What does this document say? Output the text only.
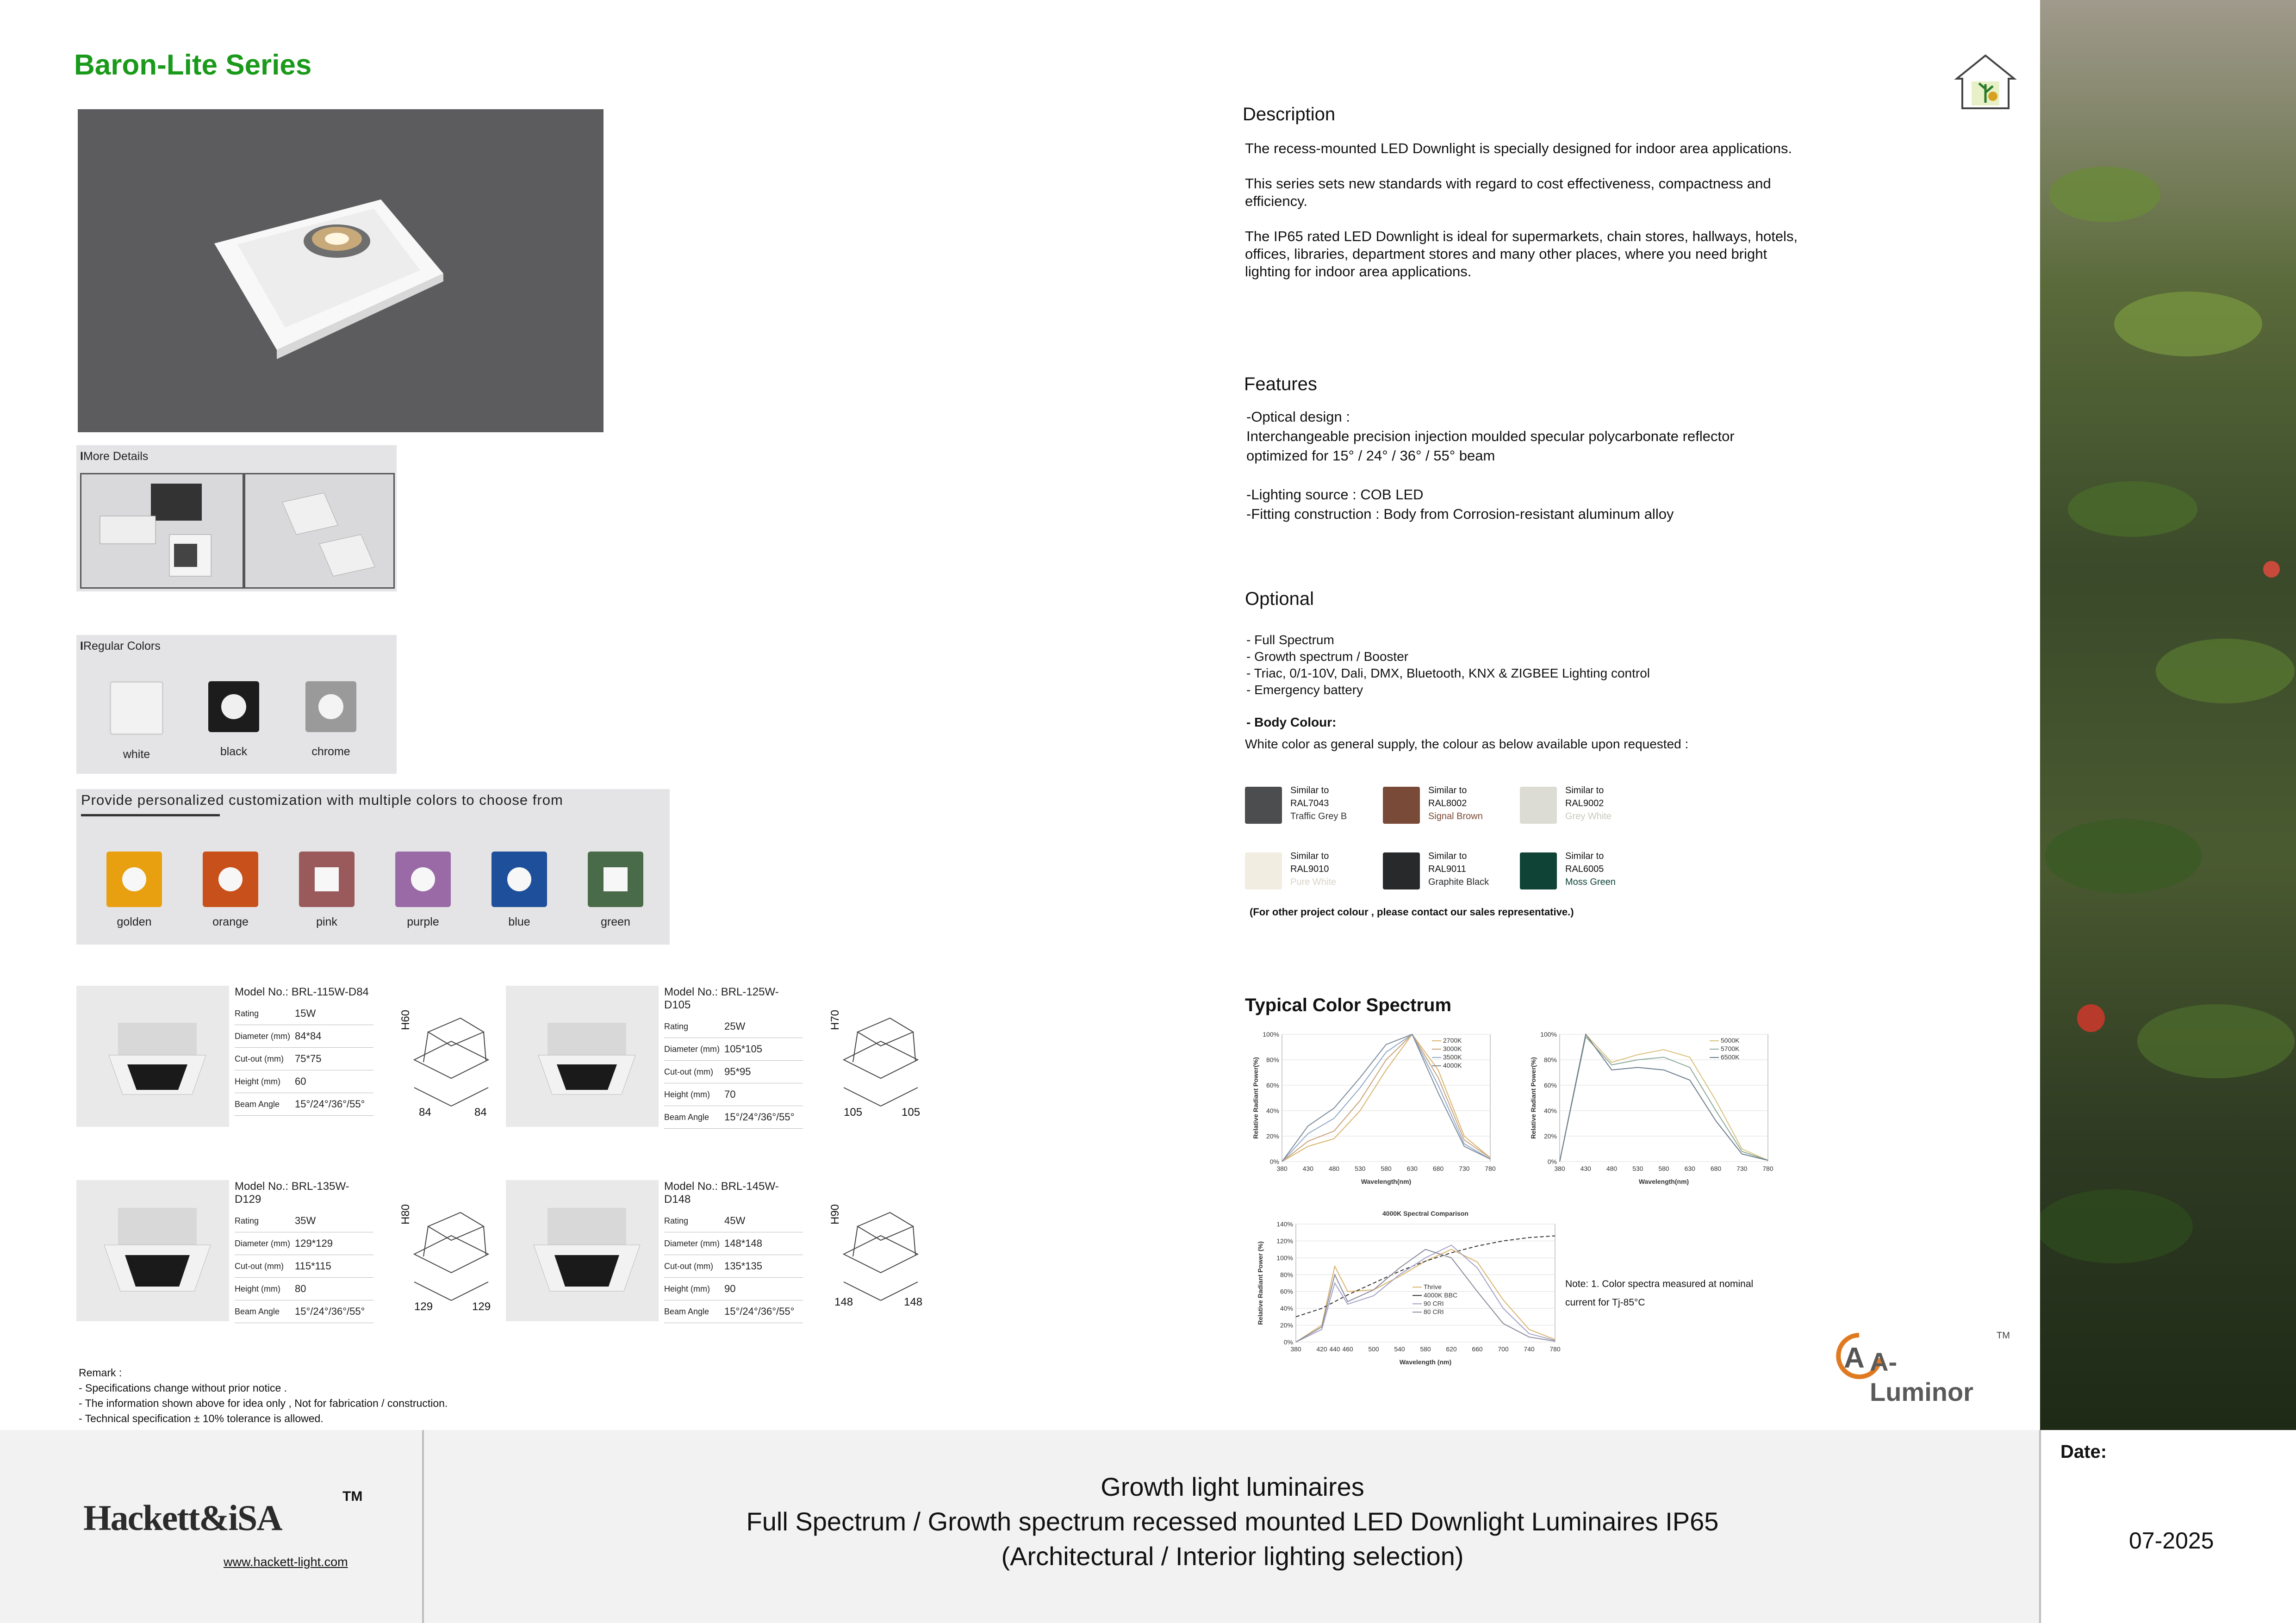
Baron-Lite Series
IMore Details
IRegular Colors
white	black	chrome
Provide personalized customization with multiple colors to choose from
golden	orange	pink	purple	blue	green
Model No.: BRL-115W-D84
Rating	15W
Diameter (mm) 84*84
Cut-out (mm)	75*75
Height (mm)	60
Beam Angle	15°/24°/36°/55°
H60
84	84
Model No.: BRL-125W-D105
Rating	25W
Diameter (mm) 105*105
Cut-out (mm)	95*95
Height (mm)	70
Beam Angle	15°/24°/36°/55°
H70
105	105
Model No.: BRL-135W-D129
Rating	35W
Diameter (mm) 129*129
Cut-out (mm)	115*115
Height (mm)	80
Beam Angle	15°/24°/36°/55°
H80
129	129
Model No.: BRL-145W-D148
Rating	45W
Diameter (mm) 148*148
Cut-out (mm)	135*135
Height (mm)	90
Beam Angle	15°/24°/36°/55°
H90
148	148
Remark :
- Specifications change without prior notice .
- The information shown above for idea only , Not for fabrication / construction.
- Technical specification ± 10% tolerance is allowed.
Description
The recess-mounted LED Downlight is specially designed for indoor area applications.
This series sets new standards with regard to cost effectiveness, compactness and efficiency.
The IP65 rated LED Downlight is ideal for supermarkets, chain stores, hallways, hotels, offices, libraries, department stores and many other places, where you need bright lighting for indoor area applications.
Features
-Optical design :
Interchangeable precision injection moulded specular polycarbonate reflector
optimized for 15° / 24° / 36° / 55° beam
-Lighting source : COB LED
-Fitting construction : Body from Corrosion-resistant aluminum alloy
Optional
- Full Spectrum
- Growth spectrum / Booster
- Triac, 0/1-10V, Dali, DMX, Bluetooth, KNX & ZIGBEE Lighting control
- Emergency battery
- Body Colour:
White color as general supply, the colour as below available upon requested :
Similar to
RAL7043
Traffic Grey B
Similar to
RAL8002
Signal Brown
Similar to
RAL9002
Grey White
Similar to
RAL9010
Pure White
Similar to
RAL9011
Graphite Black
Similar to
RAL6005
Moss Green
(For other project colour , please contact our sales representative.)
Typical Color Spectrum
0%
20%
40%
60%
80%
100%
380 430 480 530 580 630 680 730 780
Wavelength(nm)
Relative Radiant Power(%)
2700K
3000K
3500K
4000K
0%
20%
40%
60%
80%
100%
380 430 480 530 580 630 680 730 780
Wavelength(nm)
Relative Radiant Power(%)
5000K
5700K
6500K
0%
20%
40%
60%
80%
100%
120%
140%
380 420 440 460 500 540 580 620 660 700 740 780
Wavelength (nm)
Relative Radiant Power (%)
4000K Spectral Comparison
Thrive
4000K BBC
90 CRI
80 CRI
Note: 1. Color spectra measured at nominal
current for Tj-85°C
A A-Luminor
TM
Hackett&iSA
TM
www.hackett-light.com
Growth light luminaires
Full Spectrum / Growth spectrum recessed mounted LED Downlight Luminaires IP65
(Architectural / Interior lighting selection)
Date:
07-2025
